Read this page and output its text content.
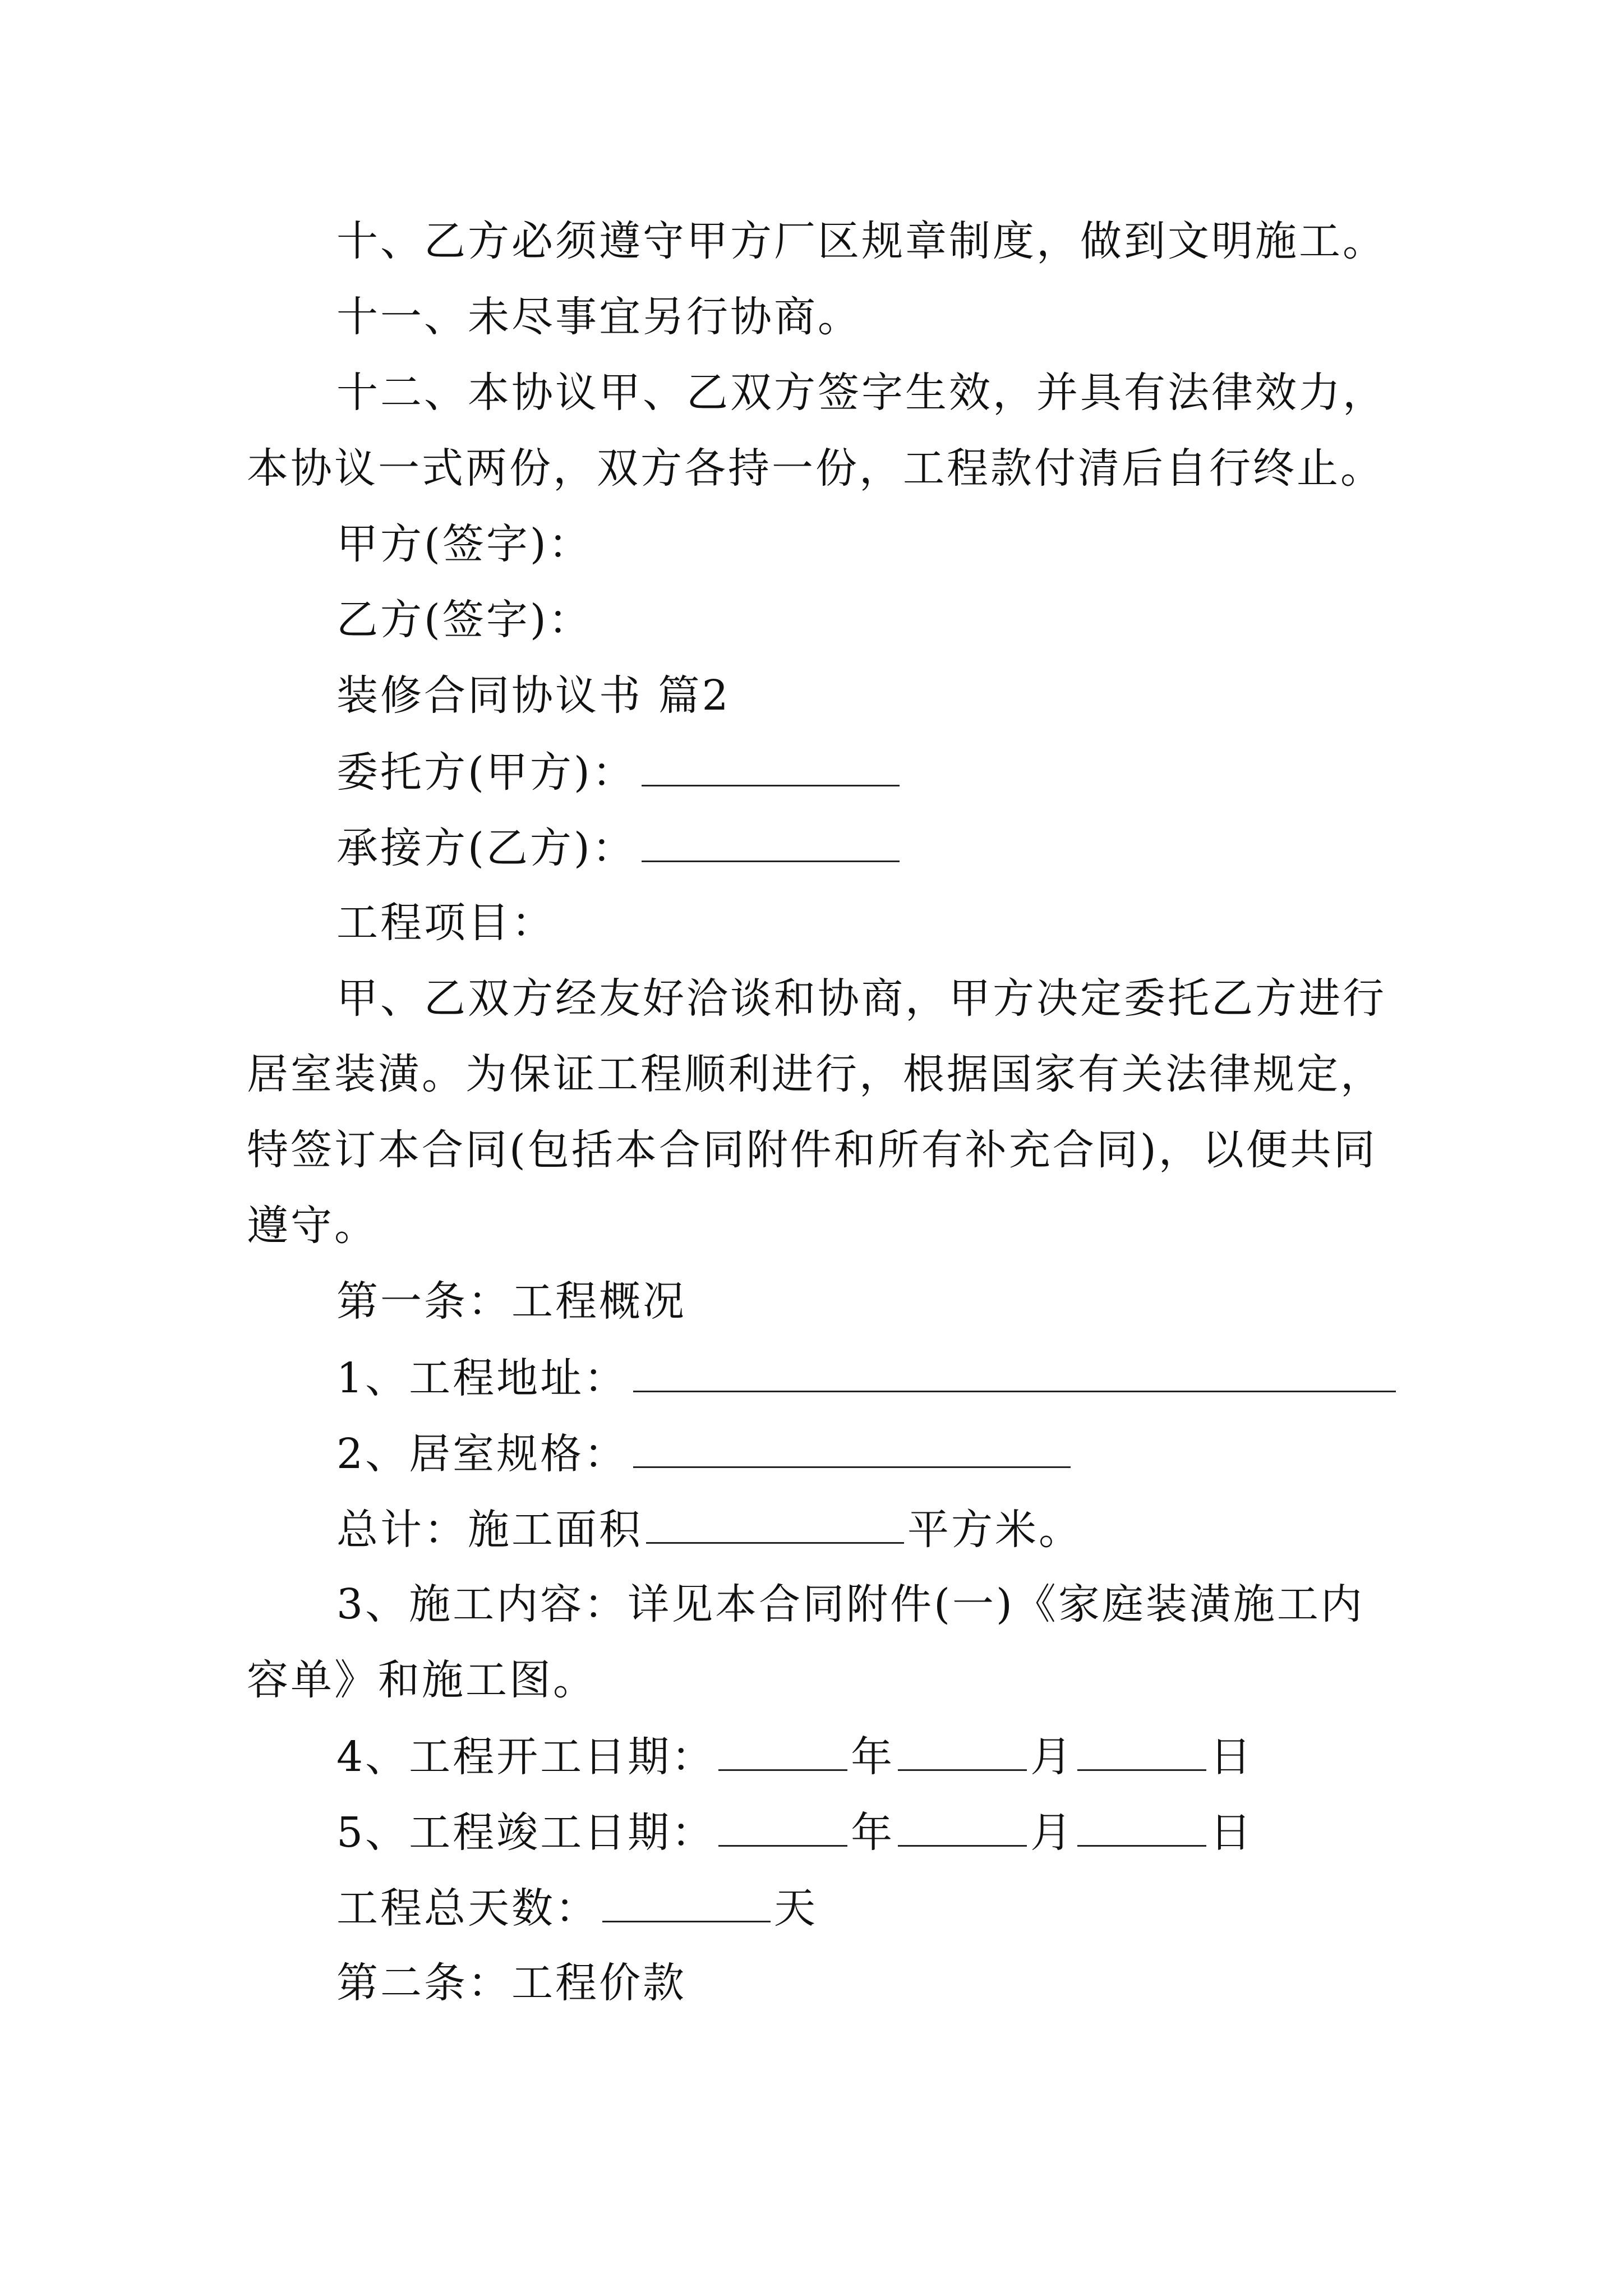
十、乙方必须遵守甲方厂区规章制度，做到文明施工。
十一、未尽事宜另行协商。
十二、本协议甲、乙双方签字生效，并具有法律效力，
本协议一式两份，双方各持一份，工程款付清后自行终止。
甲方(签字)：
乙方(签字)：
装修合同协议书 篇2
委托方(甲方)：
承接方(乙方)：
工程项目：
甲、乙双方经友好洽谈和协商，甲方决定委托乙方进行
居室装潢。为保证工程顺利进行，根据国家有关法律规定，
特签订本合同(包括本合同附件和所有补充合同)，以便共同
遵守。
第一条：工程概况
1、工程地址：
2、居室规格：
总计：施工面积	平方米。
3、施工内容：详见本合同附件(一)《家庭装潢施工内
容单》和施工图。
4、工程开工日期：	年	月	日
5、工程竣工日期：	年	月	日
工程总天数：	天
第二条：工程价款
